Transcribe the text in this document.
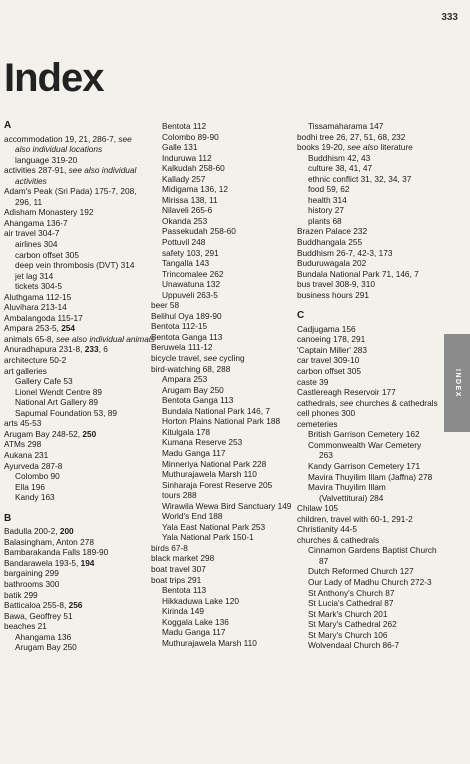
333
Index
A
accommodation 19, 21, 286-7, see
also individual locations
language 319-20
activities 287-91, see also individual
activities
Adam's Peak (Sri Pada) 175-7, 208,
296, 11
Adisham Monastery 192
Ahangama 136-7
air travel 304-7
airlines 304
carbon offset 305
deep vein thrombosis (DVT) 314
jet lag 314
tickets 304-5
Aluthgama 112-15
Aluvihara 213-14
Ambalangoda 115-17
Ampara 253-5, 254
animals 65-8, see also individual animals
Anuradhapura 231-8, 233, 6
architecture 50-2
art galleries
Gallery Cafe 53
Lionel Wendt Centre 89
National Art Gallery 89
Sapumal Foundation 53, 89
arts 45-53
Arugam Bay 248-52, 250
ATMs 298
Aukana 231
Ayurveda 287-8
Colombo 90
Ella 196
Kandy 163
B
Badulla 200-2, 200
Balasingham, Anton 278
Bambarakanda Falls 189-90
Bandarawela 193-5, 194
bargaining 299
bathrooms 300
batik 299
Batticaloa 255-8, 256
Bawa, Geoffrey 51
beaches 21
Ahangama 136
Arugam Bay 250
Bentota 112
Colombo 89-90
Galle 131
Induruwa 112
Kalkudah 258-60
Kallady 257
Midigama 136, 12
Mirissa 138, 11
Nilaveli 265-6
Okanda 253
Passekudah 258-60
Pottuvil 248
safety 103, 291
Tangalla 143
Trincomalee 262
Unawatuna 132
Uppuveli 263-5
beer 58
Belihul Oya 189-90
Bentota 112-15
Bentota Ganga 113
Beruwela 111-12
bicycle travel, see cycling
bird-watching 68, 288
Ampara 253
Arugam Bay 250
Bentota Ganga 113
Bundala National Park 146, 7
Horton Plains National Park 188
Kitulgala 178
Kumana Reserve 253
Madu Ganga 117
Minneriya National Park 228
Muthurajawela Marsh 110
Sinharaja Forest Reserve 205
tours 288
Wirawila Wewa Bird Sanctuary 149
World's End 188
Yala East National Park 253
Yala National Park 150-1
birds 67-8
black market 298
boat travel 307
boat trips 291
Bentota 113
Hikkaduwa Lake 120
Kirinda 149
Koggala Lake 136
Madu Ganga 117
Muthurajawela Marsh 110
Tissamaharama 147
bodhi tree 26, 27, 51, 68, 232
books 19-20, see also literature
Buddhism 42, 43
culture 38, 41, 47
ethnic conflict 31, 32, 34, 37
food 59, 62
health 314
history 27
plants 68
Brazen Palace 232
Buddhangala 255
Buddhism 26-7, 42-3, 173
Buduruwagala 202
Bundala National Park 71, 146, 7
bus travel 308-9, 310
business hours 291
C
Cadjugama 156
canoeing 178, 291
'Captain Miller' 283
car travel 309-10
carbon offset 305
caste 39
Castlereagh Reservoir 177
cathedrals, see churches & cathedrals
cell phones 300
cemeteries
British Garrison Cemetery 162
Commonwealth War Cemetery
263
Kandy Garrison Cemetery 171
Mavira Thuyilim Illam (Jaffna) 278
Mavira Thuyilim Illam
(Valvettiturai) 284
Chilaw 105
children, travel with 60-1, 291-2
Christianity 44-5
churches & cathedrals
Cinnamon Gardens Baptist Church
87
Dutch Reformed Church 127
Our Lady of Madhu Church 272-3
St Anthony's Church 87
St Lucia's Cathedral 87
St Mark's Church 201
St Mary's Cathedral 262
St Mary's Church 106
Wolvendaal Church 86-7
INDEX
